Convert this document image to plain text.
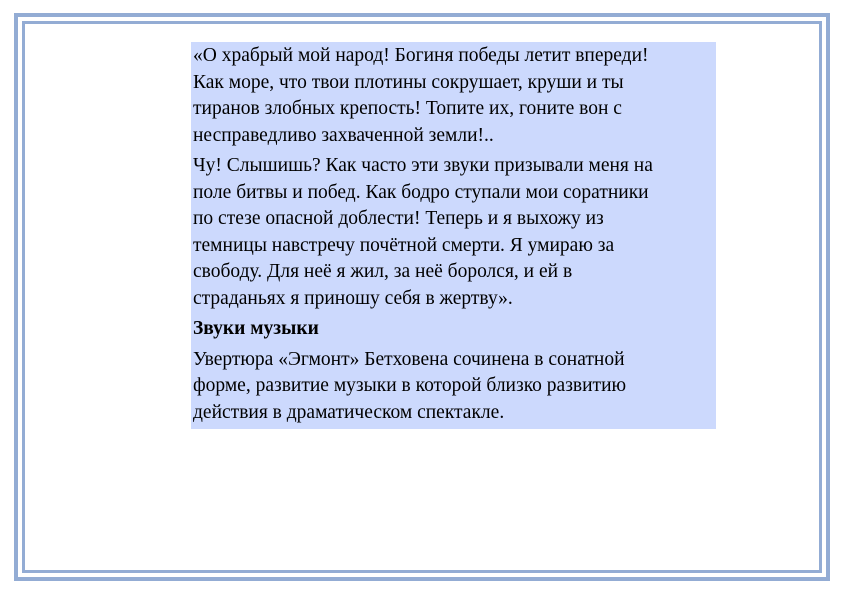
«О храбрый мой народ! Богиня победы летит впереди!
Как море, что твои плотины сокрушает, круши и ты
тиранов злобных крепость! Топите их, гоните вон с
несправедливо захваченной земли!..

Чу! Слышишь? Как часто эти звуки призывали меня на
поле битвы и побед. Как бодро ступали мои соратники
по стезе опасной доблести! Теперь и я выхожу из
темницы навстречу почётной смерти. Я умираю за
свободу. Для неё я жил, за неё боролся, и ей в
страданьях я приношу себя в жертву».

Звуки музыки

Увертюра «Эгмонт» Бетховена сочинена в сонатной
форме, развитие музыки в которой близко развитию
действия в драматическом спектакле.
